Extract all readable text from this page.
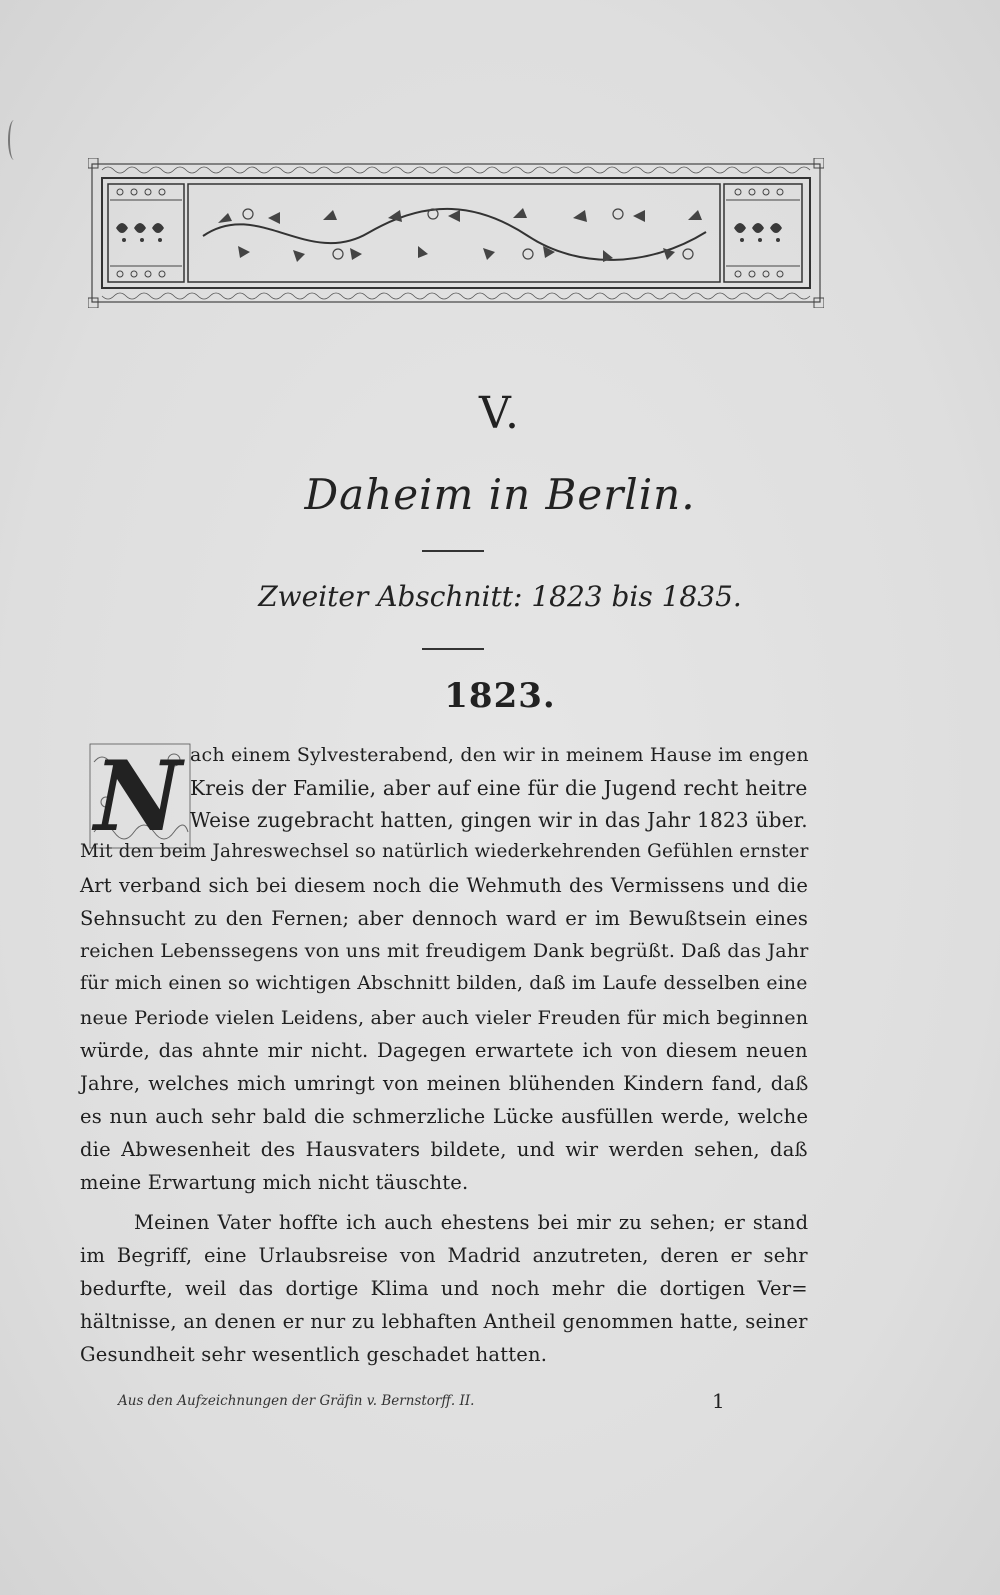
V.
Daheim in Berlin.
Zweiter Abschnitt: 1823 bis 1835.
1823.
N ach einem Sylvesterabend, den wir in meinem Hause im engen
Kreis der Familie, aber auf eine für die Jugend recht heitre
Weise zugebracht hatten, gingen wir in das Jahr 1823 über.
Mit den beim Jahreswechsel so natürlich wiederkehrenden Gefühlen ernster
Art verband sich bei diesem noch die Wehmuth des Vermissens und die
Sehnsucht zu den Fernen; aber dennoch ward er im Bewußtsein eines
reichen Lebenssegens von uns mit freudigem Dank begrüßt. Daß das Jahr
für mich einen so wichtigen Abschnitt bilden, daß im Laufe desselben eine
neue Periode vielen Leidens, aber auch vieler Freuden für mich beginnen
würde, das ahnte mir nicht. Dagegen erwartete ich von diesem neuen
Jahre, welches mich umringt von meinen blühenden Kindern fand, daß
es nun auch sehr bald die schmerzliche Lücke ausfüllen werde, welche
die Abwesenheit des Hausvaters bildete, und wir werden sehen, daß
meine Erwartung mich nicht täuschte.
Meinen Vater hoffte ich auch ehestens bei mir zu sehen; er stand
im Begriff, eine Urlaubsreise von Madrid anzutreten, deren er sehr
bedurfte, weil das dortige Klima und noch mehr die dortigen Ver=
hältnisse, an denen er nur zu lebhaften Antheil genommen hatte, seiner
Gesundheit sehr wesentlich geschadet hatten.
Aus den Aufzeichnungen der Gräfin v. Bernstorff. II.	1
